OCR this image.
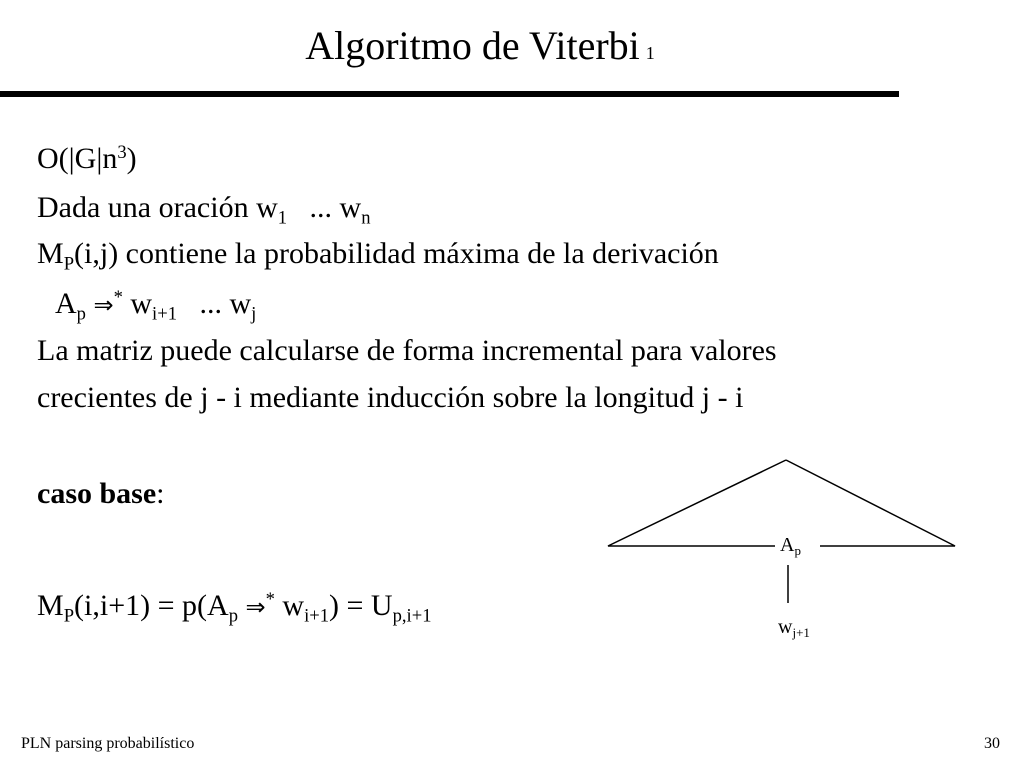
Algoritmo de Viterbi 1
$O(|G|n^3)$
Dada una oración $w_1$   ... $w_n$
$M_P(i,j)$ contiene la probabilidad máxima de la derivación
$A_p$ ⇒* $w_{i+1}$   ... $w_j$
La matriz puede calcularse de forma incremental para valores
crecientes de j - i mediante inducción sobre la longitud j - i
caso base:
$M_P(i,i+1) = p(A_p$ ⇒* $w_{i+1}) = U_{p,i+1}$
$A_p$
$w_{j+1}$
PLN parsing probabilístico	30
